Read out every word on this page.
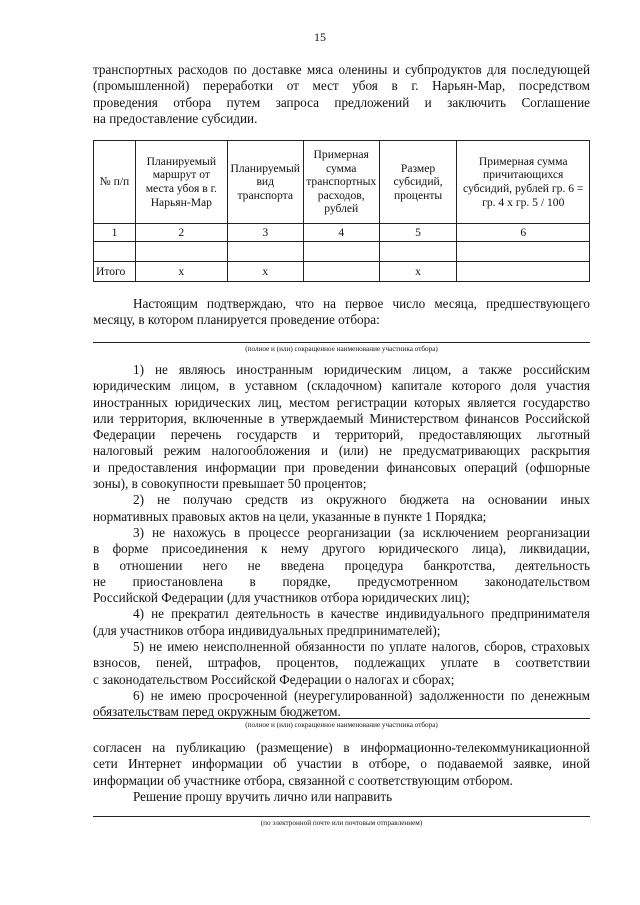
15
транспортных расходов по доставке мяса оленины и субпродуктов для последующей
(промышленной) переработки от мест убоя в г. Нарьян-Мар, посредством
проведения отбора путем запроса предложений и заключить Соглашение
на предоставление субсидии.
№ п/п	Планируемый маршрут от места убоя в г. Нарьян-Мар	Планируемый вид транспорта	Примерная сумма транспортных расходов, рублей	Размер субсидий, проценты	Примерная сумма причитающихся субсидий, рублей гр. 6 = гр. 4 х гр. 5 / 100
1	2	3	4	5	6

Итого	х	х		х	
Настоящим подтверждаю, что на первое число месяца, предшествующего
месяцу, в котором планируется проведение отбора:
(полное и (или) сокращенное наименование участника отбора)
1) не являюсь иностранным юридическим лицом, а также российским
юридическим лицом, в уставном (складочном) капитале которого доля участия
иностранных юридических лиц, местом регистрации которых является государство
или территория, включенные в утверждаемый Министерством финансов Российской
Федерации перечень государств и территорий, предоставляющих льготный
налоговый режим налогообложения и (или) не предусматривающих раскрытия
и предоставления информации при проведении финансовых операций (офшорные
зоны), в совокупности превышает 50 процентов;
2) не получаю средств из окружного бюджета на основании иных
нормативных правовых актов на цели, указанные в пункте 1 Порядка;
3) не нахожусь в процессе реорганизации (за исключением реорганизации
в форме присоединения к нему другого юридического лица), ликвидации,
в отношении него не введена процедура банкротства, деятельность
не приостановлена в порядке, предусмотренном законодательством
Российской Федерации (для участников отбора юридических лиц);
4) не прекратил деятельность в качестве индивидуального предпринимателя
(для участников отбора индивидуальных предпринимателей);
5) не имею неисполненной обязанности по уплате налогов, сборов, страховых
взносов, пеней, штрафов, процентов, подлежащих уплате в соответствии
с законодательством Российской Федерации о налогах и сборах;
6) не имею просроченной (неурегулированной) задолженности по денежным
обязательствам перед окружным бюджетом.
(полное и (или) сокращенное наименование участника отбора)
согласен на публикацию (размещение) в информационно-телекоммуникационной
сети Интернет информации об участии в отборе, о подаваемой заявке, иной
информации об участнике отбора, связанной с соответствующим отбором.
Решение прошу вручить лично или направить
(по электронной почте или почтовым отправлением)
